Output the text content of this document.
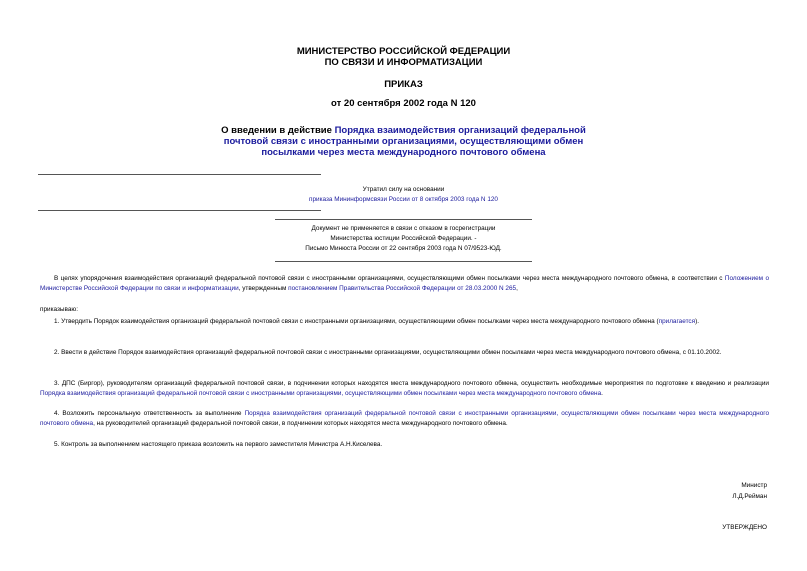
МИНИСТЕРСТВО РОССИЙСКОЙ ФЕДЕРАЦИИ
ПО СВЯЗИ И ИНФОРМАТИЗАЦИИ
ПРИКАЗ
от 20 сентября 2002 года N 120
О введении в действие Порядка взаимодействия организаций федеральной
почтовой связи с иностранными организациями, осуществляющими обмен
посылками через места международного почтового обмена
Утратил силу на основании
приказа Мининформсвязи России от 8 октября 2003 года N 120
Документ не применяется в связи с отказом в госрегистрации
Министерства юстиции Российской Федерации. -
Письмо Минюста России от 22 сентября 2003 года N 07/9523-ЮД.
В целях упорядочения взаимодействия организаций федеральной почтовой связи с иностранными организациями, осуществляющими обмен посылками через места международного почтового обмена, в соответствии с Положением о Министерстве Российской Федерации по связи и информатизации, утвержденным постановлением Правительства Российской Федерации от 28.03.2000 N 265,
приказываю:
1. Утвердить Порядок взаимодействия организаций федеральной почтовой связи с иностранными организациями, осуществляющими обмен посылками через места международного почтового обмена (прилагается).
2. Ввести в действие Порядок взаимодействия организаций федеральной почтовой связи с иностранными организациями, осуществляющими обмен посылками через места международного почтового обмена, с 01.10.2002.
3. ДПС (Биргор), руководителям организаций федеральной почтовой связи, в подчинении которых находятся места международного почтового обмена, осуществить необходимые мероприятия по подготовке к введению и реализации Порядка взаимодействия организаций федеральной почтовой связи с иностранными организациями, осуществляющими обмен посылками через места международного почтового обмена.
4. Возложить персональную ответственность за выполнение Порядка взаимодействия организаций федеральной почтовой связи с иностранными организациями, осуществляющими обмен посылками через места международного почтового обмена, на руководителей организаций федеральной почтовой связи, в подчинении которых находятся места международного почтового обмена.
5. Контроль за выполнением настоящего приказа возложить на первого заместителя Министра А.Н.Киселева.
Министр
Л.Д.Рейман
УТВЕРЖДЕНО
